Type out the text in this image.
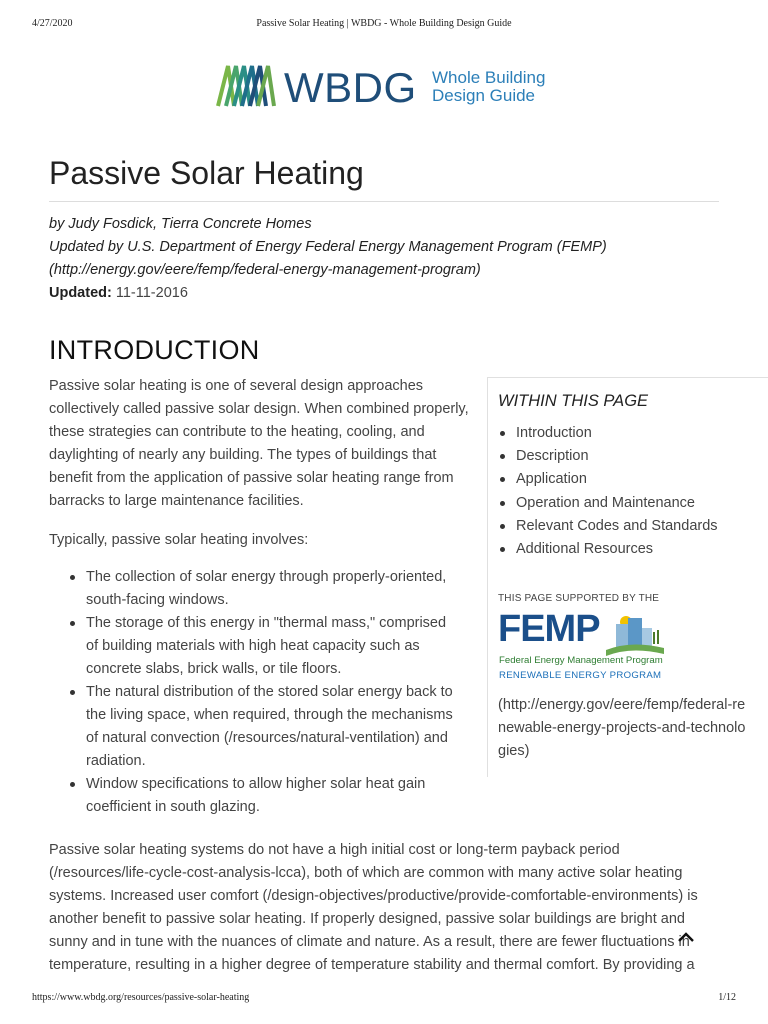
4/27/2020	Passive Solar Heating | WBDG - Whole Building Design Guide
WBDG Whole Building
Design Guide
Passive Solar Heating
by Judy Fosdick, Tierra Concrete Homes
Updated by U.S. Department of Energy Federal Energy Management Program (FEMP)
(http://energy.gov/eere/femp/federal-energy-management-program)
Updated: 11-11-2016
INTRODUCTION
Passive solar heating is one of several design approaches collectively called passive solar design. When combined properly, these strategies can contribute to the heating, cooling, and daylighting of nearly any building. The types of buildings that benefit from the application of passive solar heating range from barracks to large maintenance facilities.
Typically, passive solar heating involves:
The collection of solar energy through properly-oriented, south-facing windows.
The storage of this energy in "thermal mass," comprised of building materials with high heat capacity such as concrete slabs, brick walls, or tile floors.
The natural distribution of the stored solar energy back to the living space, when required, through the mechanisms of natural convection (/resources/natural-ventilation) and radiation.
Window specifications to allow higher solar heat gain coefficient in south glazing.
Passive solar heating systems do not have a high initial cost or long-term payback period (/resources/life-cycle-cost-analysis-lcca), both of which are common with many active solar heating systems. Increased user comfort (/design-objectives/productive/provide-comfortable-environments) is another benefit to passive solar heating. If properly designed, passive solar buildings are bright and sunny and in tune with the nuances of climate and nature. As a result, there are fewer fluctuations in temperature, resulting in a higher degree of temperature stability and thermal comfort. By providing a
WITHIN THIS PAGE
Introduction
Description
Application
Operation and Maintenance
Relevant Codes and Standards
Additional Resources
THIS PAGE SUPPORTED BY THE
FEMP
Federal Energy Management Program
RENEWABLE ENERGY PROGRAM
(http://energy.gov/eere/femp/federal-renewable-energy-projects-and-technologies)
https://www.wbdg.org/resources/passive-solar-heating	1/12
